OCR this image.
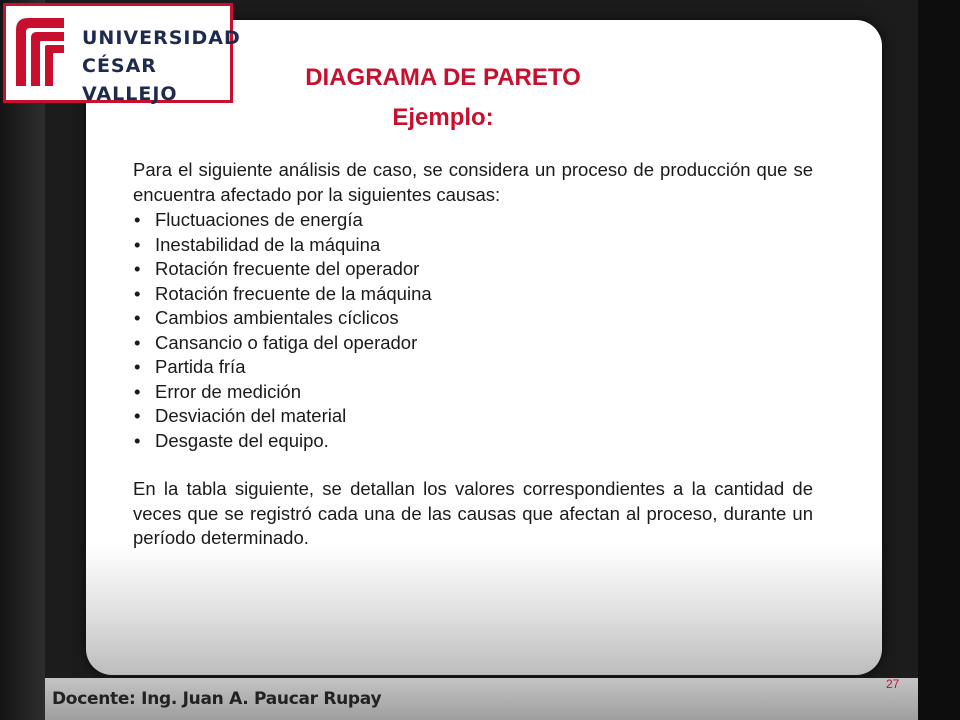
UNIVERSIDAD
CÉSAR VALLEJO
DIAGRAMA DE PARETO
Ejemplo:

Para el siguiente análisis de caso, se considera un proceso de producción que se encuentra afectado por la siguientes causas:

• Fluctuaciones de energía
• Inestabilidad de la máquina
• Rotación frecuente del operador
• Rotación frecuente de la máquina
• Cambios ambientales cíclicos
• Cansancio o fatiga del operador
• Partida fría
• Error de medición
• Desviación del material
• Desgaste del equipo.

En la tabla siguiente, se detallan los valores correspondientes a la cantidad de veces que se registró cada una de las causas que afectan al proceso, durante un período determinado.

Docente: Ing. Juan A. Paucar Rupay
27
